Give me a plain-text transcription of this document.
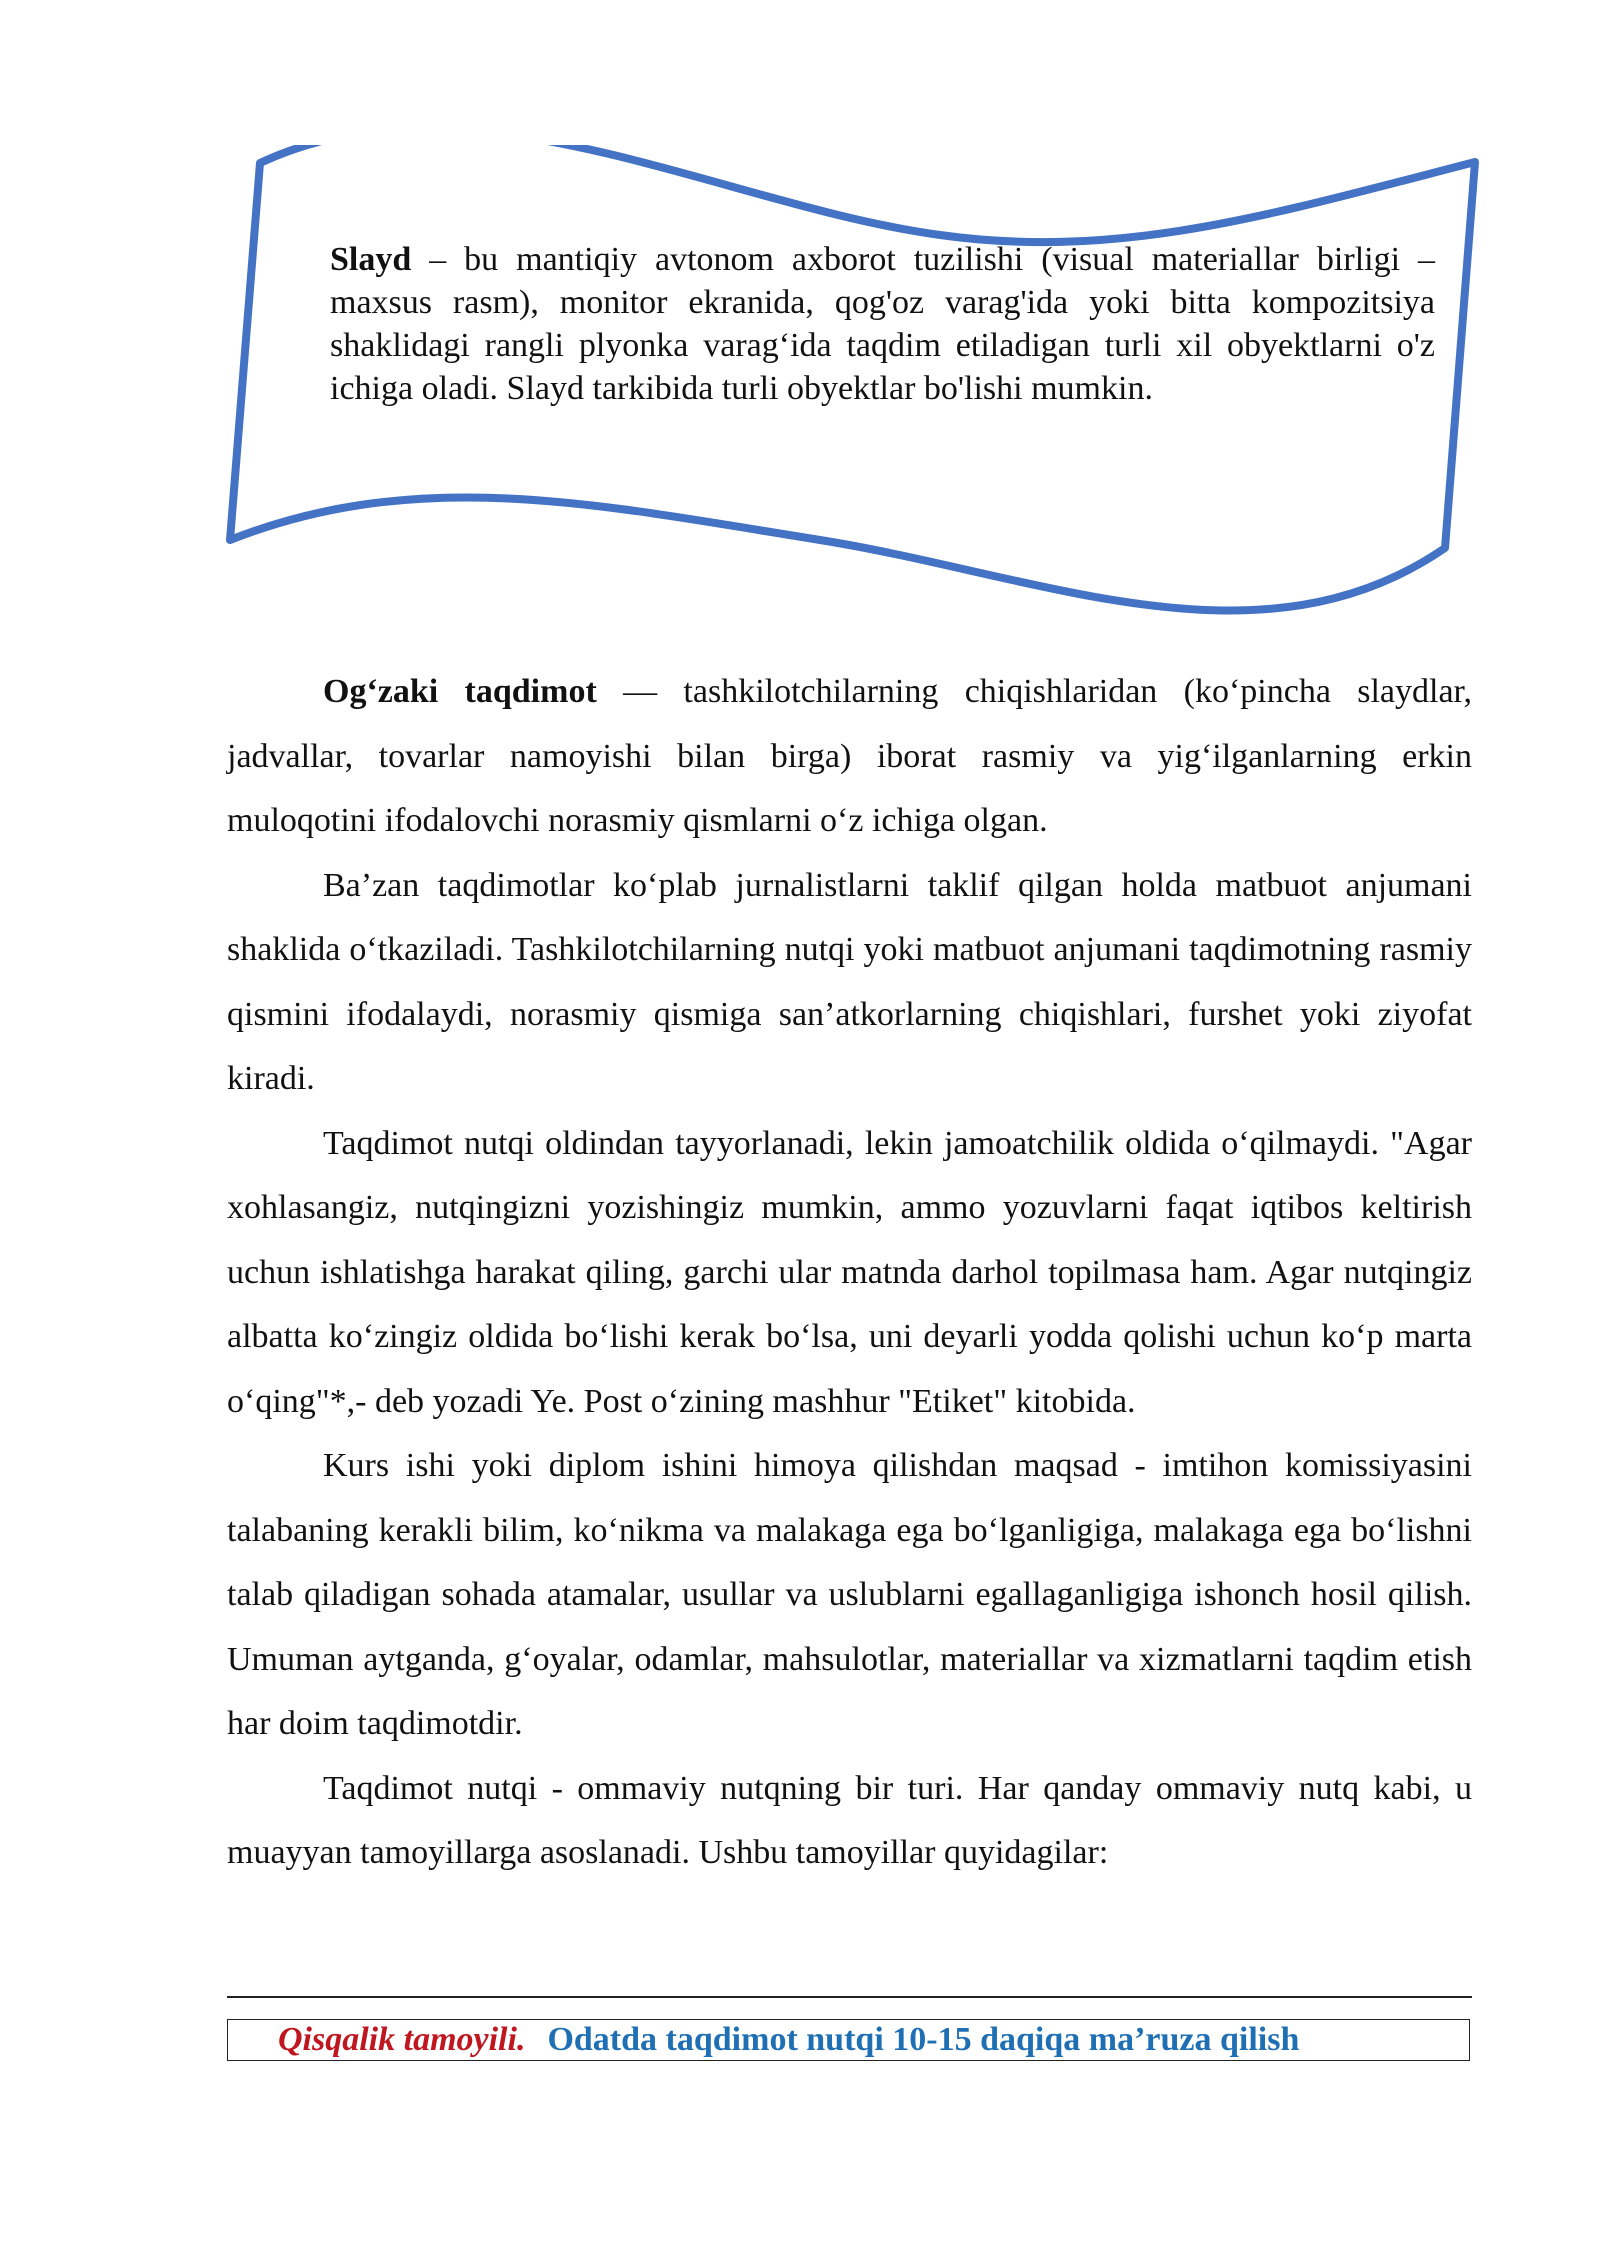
Slayd – bu mantiqiy avtonom axborot tuzilishi (visual materiallar birligi – maxsus rasm), monitor ekranida, qog'oz varag'ida yoki bitta kompozitsiya shaklidagi rangli plyonka varag‘ida taqdim etiladigan turli xil obyektlarni o'z ichiga oladi. Slayd tarkibida turli obyektlar bo'lishi mumkin.

Og‘zaki taqdimot — tashkilotchilarning chiqishlaridan (ko‘pincha slaydlar, jadvallar, tovarlar namoyishi bilan birga) iborat rasmiy va yig‘ilganlarning erkin muloqotini ifodalovchi norasmiy qismlarni o‘z ichiga olgan.

Ba’zan taqdimotlar ko‘plab jurnalistlarni taklif qilgan holda matbuot anjumani shaklida o‘tkaziladi. Tashkilotchilarning nutqi yoki matbuot anjumani taqdimotning rasmiy qismini ifodalaydi, norasmiy qismiga san’atkorlarning chiqishlari, furshet yoki ziyofat kiradi.

Taqdimot nutqi oldindan tayyorlanadi, lekin jamoatchilik oldida o‘qilmaydi. "Agar xohlasangiz, nutqingizni yozishingiz mumkin, ammo yozuvlarni faqat iqtibos keltirish uchun ishlatishga harakat qiling, garchi ular matnda darhol topilmasa ham. Agar nutqingiz albatta ko‘zingiz oldida bo‘lishi kerak bo‘lsa, uni deyarli yodda qolishi uchun ko‘p marta o‘qing"*,- deb yozadi Ye. Post o‘zining mashhur "Etiket" kitobida.

Kurs ishi yoki diplom ishini himoya qilishdan maqsad - imtihon komissiyasini talabaning kerakli bilim, ko‘nikma va malakaga ega bo‘lganligiga, malakaga ega bo‘lishni talab qiladigan sohada atamalar, usullar va uslublarni egallaganligiga ishonch hosil qilish. Umuman aytganda, g‘oyalar, odamlar, mahsulotlar, materiallar va xizmatlarni taqdim etish har doim taqdimotdir.

Taqdimot nutqi - ommaviy nutqning bir turi. Har qanday ommaviy nutq kabi, u muayyan tamoyillarga asoslanadi. Ushbu tamoyillar quyidagilar:

Qisqalik tamoyili. Odatda taqdimot nutqi 10-15 daqiqa ma’ruza qilish
